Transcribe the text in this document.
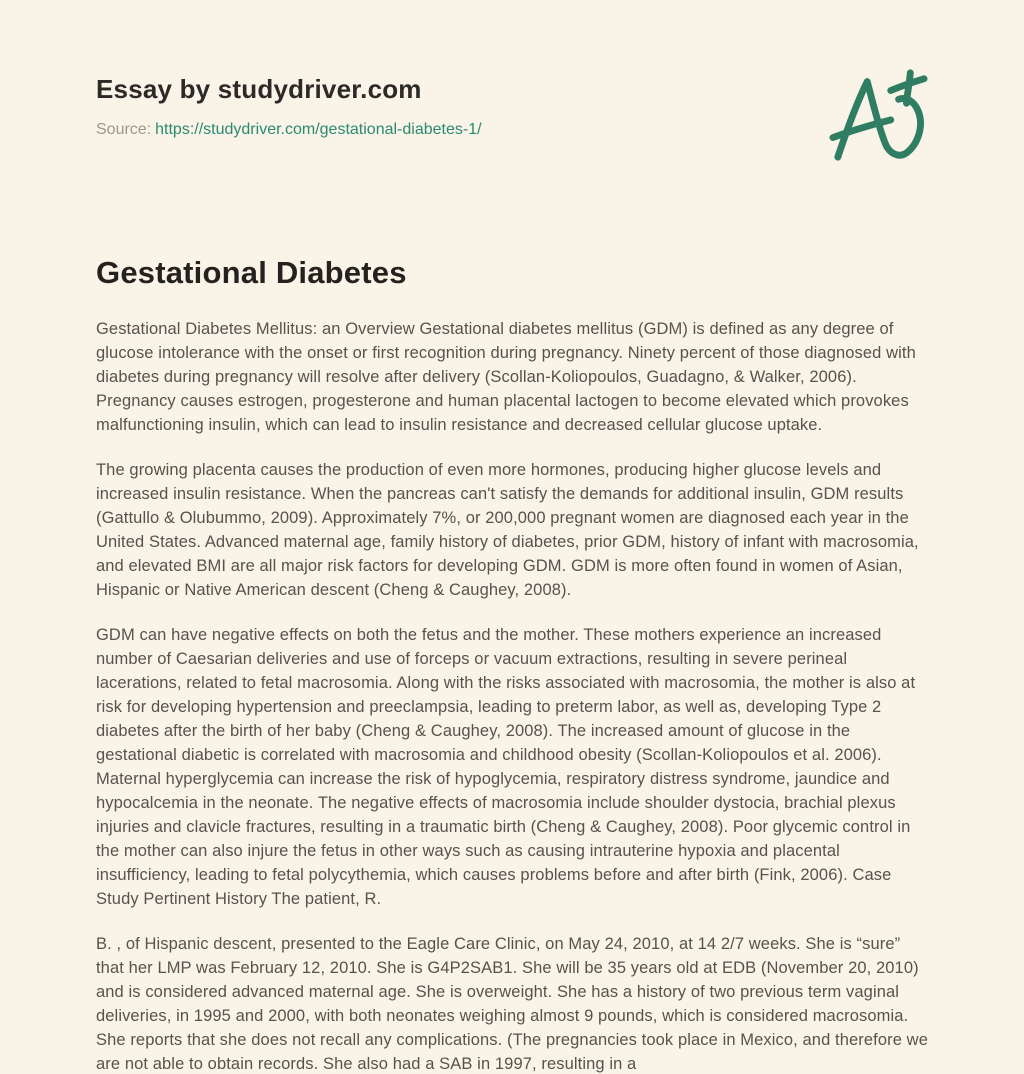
Essay by studydriver.com
Source: https://studydriver.com/gestational-diabetes-1/
Gestational Diabetes

Gestational Diabetes Mellitus: an Overview Gestational diabetes mellitus (GDM) is defined as any degree of glucose intolerance with the onset or first recognition during pregnancy. Ninety percent of those diagnosed with diabetes during pregnancy will resolve after delivery (Scollan-Koliopoulos, Guadagno, & Walker, 2006). Pregnancy causes estrogen, progesterone and human placental lactogen to become elevated which provokes malfunctioning insulin, which can lead to insulin resistance and decreased cellular glucose uptake.

The growing placenta causes the production of even more hormones, producing higher glucose levels and increased insulin resistance. When the pancreas can't satisfy the demands for additional insulin, GDM results (Gattullo & Olubummo, 2009). Approximately 7%, or 200,000 pregnant women are diagnosed each year in the United States. Advanced maternal age, family history of diabetes, prior GDM, history of infant with macrosomia, and elevated BMI are all major risk factors for developing GDM. GDM is more often found in women of Asian, Hispanic or Native American descent (Cheng & Caughey, 2008).

GDM can have negative effects on both the fetus and the mother. These mothers experience an increased number of Caesarian deliveries and use of forceps or vacuum extractions, resulting in severe perineal lacerations, related to fetal macrosomia. Along with the risks associated with macrosomia, the mother is also at risk for developing hypertension and preeclampsia, leading to preterm labor, as well as, developing Type 2 diabetes after the birth of her baby (Cheng & Caughey, 2008). The increased amount of glucose in the gestational diabetic is correlated with macrosomia and childhood obesity (Scollan-Koliopoulos et al. 2006). Maternal hyperglycemia can increase the risk of hypoglycemia, respiratory distress syndrome, jaundice and hypocalcemia in the neonate. The negative effects of macrosomia include shoulder dystocia, brachial plexus injuries and clavicle fractures, resulting in a traumatic birth (Cheng & Caughey, 2008). Poor glycemic control in the mother can also injure the fetus in other ways such as causing intrauterine hypoxia and placental insufficiency, leading to fetal polycythemia, which causes problems before and after birth (Fink, 2006). Case Study Pertinent History The patient, R.

B. , of Hispanic descent, presented to the Eagle Care Clinic, on May 24, 2010, at 14 2/7 weeks. She is “sure” that her LMP was February 12, 2010. She is G4P2SAB1. She will be 35 years old at EDB (November 20, 2010) and is considered advanced maternal age. She is overweight. She has a history of two previous term vaginal deliveries, in 1995 and 2000, with both neonates weighing almost 9 pounds, which is considered macrosomia. She reports that she does not recall any complications. (The pregnancies took place in Mexico, and therefore we are not able to obtain records. She also had a SAB in 1997, resulting in a
